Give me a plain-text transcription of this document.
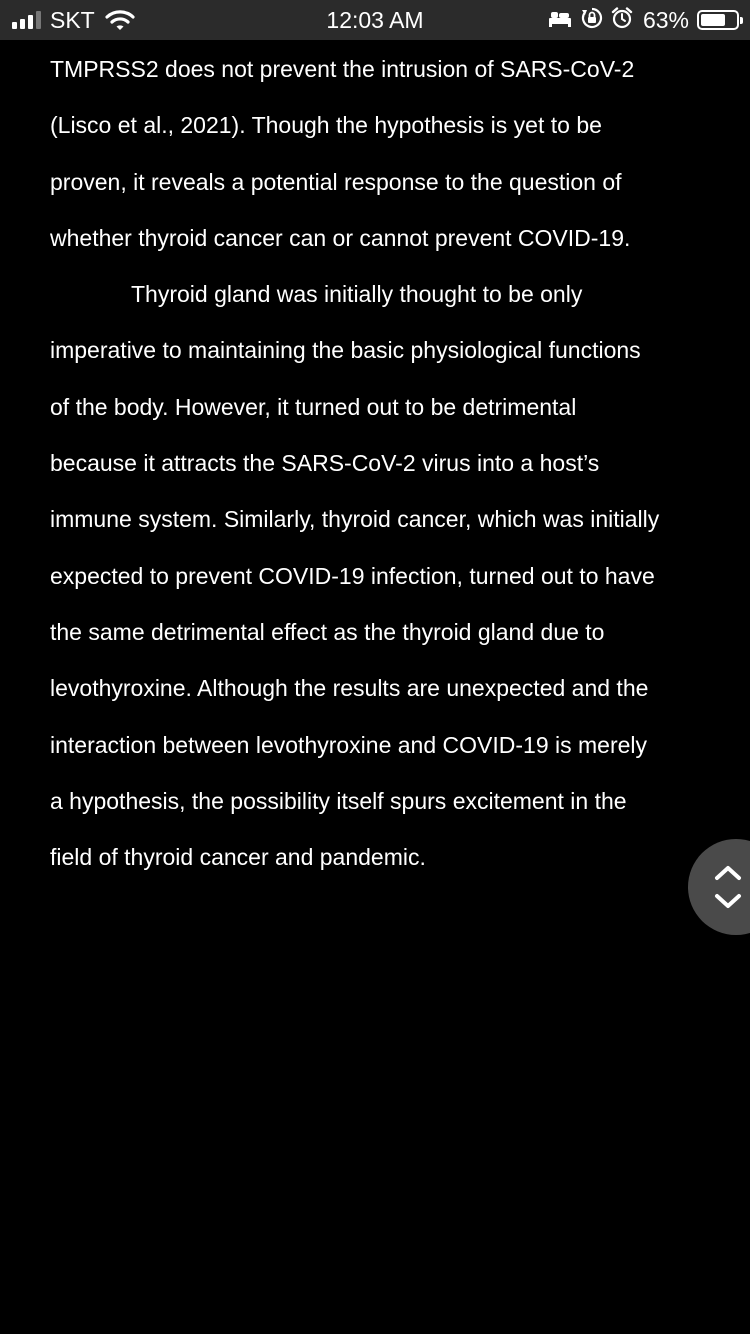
SKT	12:03 AM	63%
TMPRSS2 does not prevent the intrusion of SARS-CoV-2
(Lisco et al., 2021). Though the hypothesis is yet to be
proven, it reveals a potential response to the question of
whether thyroid cancer can or cannot prevent COVID-19.
Thyroid gland was initially thought to be only
imperative to maintaining the basic physiological functions
of the body. However, it turned out to be detrimental
because it attracts the SARS-CoV-2 virus into a host’s
immune system. Similarly, thyroid cancer, which was initially
expected to prevent COVID-19 infection, turned out to have
the same detrimental effect as the thyroid gland due to
levothyroxine. Although the results are unexpected and the
interaction between levothyroxine and COVID-19 is merely
a hypothesis, the possibility itself spurs excitement in the
field of thyroid cancer and pandemic.
